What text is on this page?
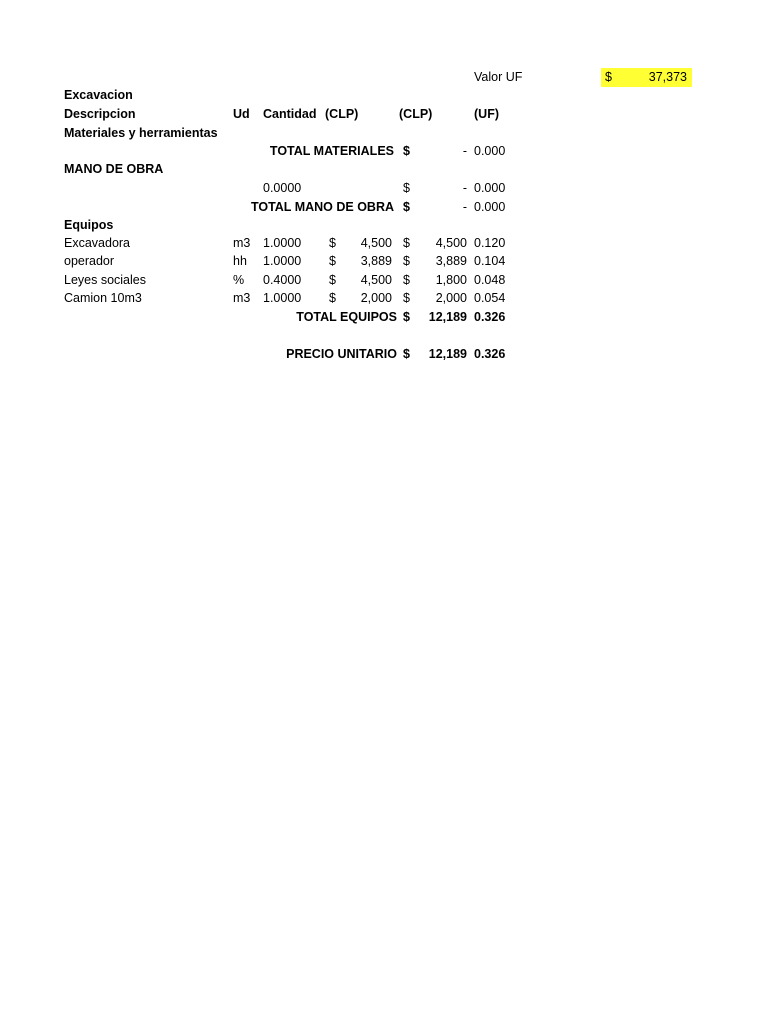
Valor UF	$	37,373
Excavacion
Descripcion	Ud Cantidad (CLP)	(CLP)	(UF)
Materiales y herramientas
TOTAL MATERIALES $	- 0.000
MANO DE OBRA
0.0000	$	- 0.000
TOTAL MANO DE OBRA $	- 0.000
Equipos
Excavadora	m3 1.0000 $	4,500 $	4,500 0.120
operador	hh 1.0000 $	3,889 $	3,889 0.104
Leyes sociales	% 0.4000 $	4,500 $	1,800 0.048
Camion 10m3	m3 1.0000 $	2,000 $	2,000 0.054
TOTAL EQUIPOS $	12,189 0.326
PRECIO UNITARIO $	12,189 0.326
